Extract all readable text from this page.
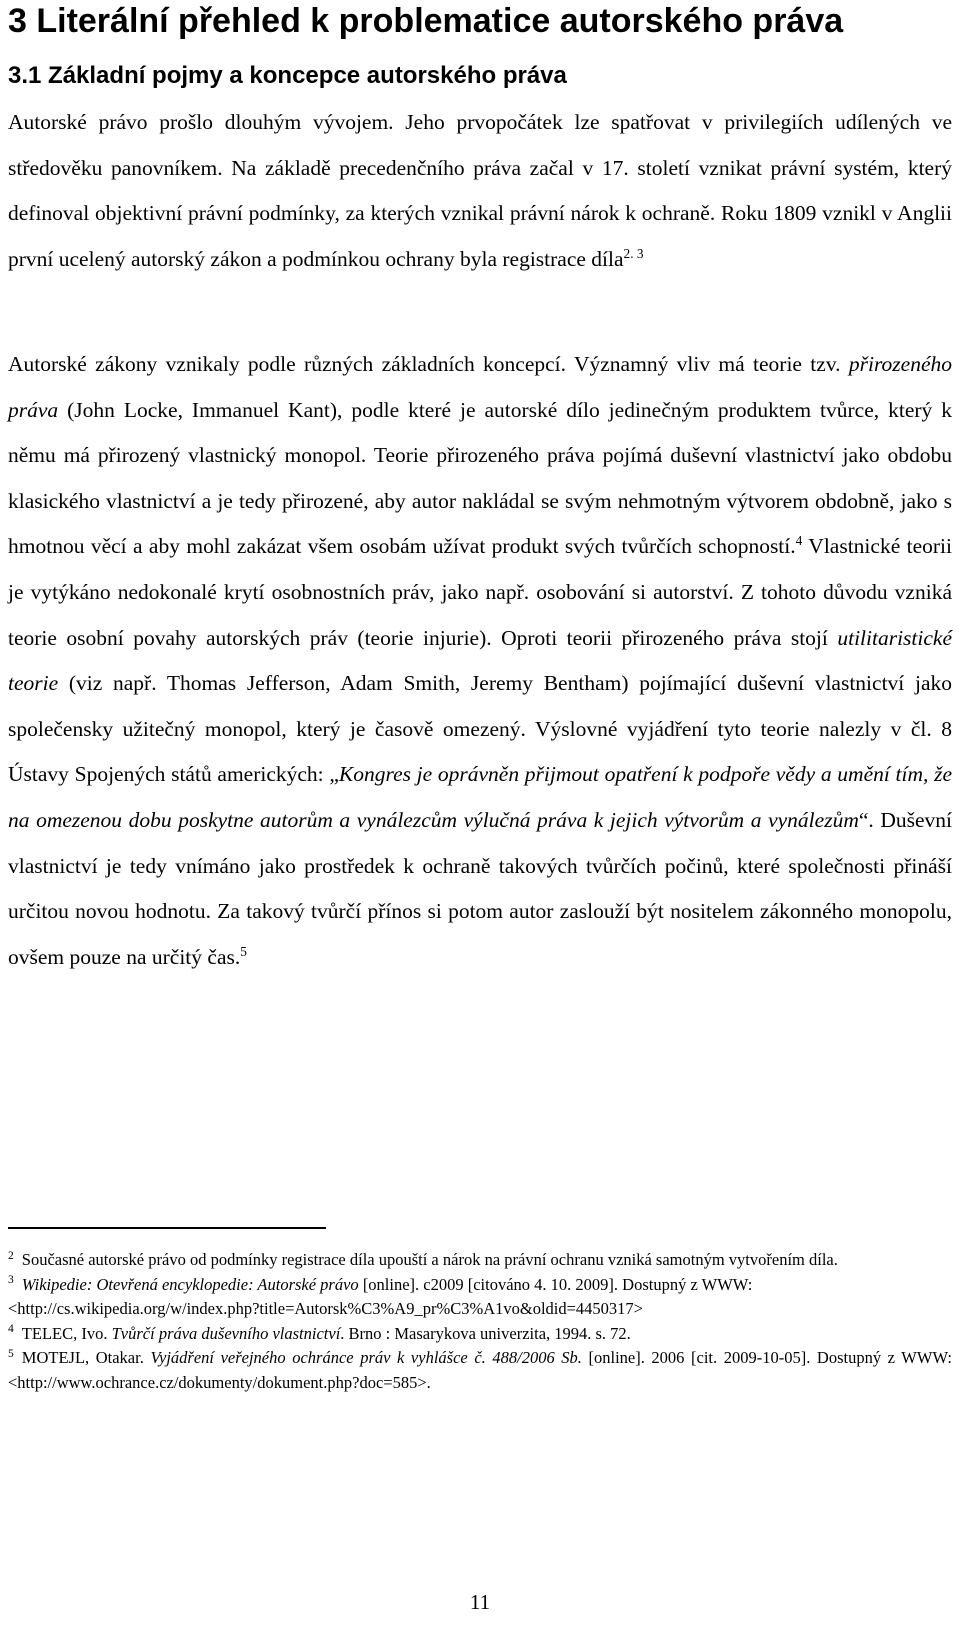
3 Literální přehled k problematice autorského práva
3.1 Základní pojmy a koncepce autorského práva

Autorské právo prošlo dlouhým vývojem. Jeho prvopočátek lze spatřovat v privilegiích udílených ve středověku panovníkem. Na základě precedenčního práva začal v 17. století vznikat právní systém, který definoval objektivní právní podmínky, za kterých vznikal právní nárok k ochraně. Roku 1809 vznikl v Anglii první ucelený autorský zákon a podmínkou ochrany byla registrace díla$^{2. 3}$

Autorské zákony vznikaly podle různých základních koncepcí. Významný vliv má teorie tzv. přirozeného práva (John Locke, Immanuel Kant), podle které je autorské dílo jedinečným produktem tvůrce, který k němu má přirozený vlastnický monopol. Teorie přirozeného práva pojímá duševní vlastnictví jako obdobu klasického vlastnictví a je tedy přirozené, aby autor nakládal se svým nehmotným výtvorem obdobně, jako s hmotnou věcí a aby mohl zakázat všem osobám užívat produkt svých tvůrčích schopností.$^4$ Vlastnické teorii je vytýkáno nedokonalé krytí osobnostních práv, jako např. osobování si autorství. Z tohoto důvodu vzniká teorie osobní povahy autorských práv (teorie injurie). Oproti teorii přirozeného práva stojí utilitaristické teorie (viz např. Thomas Jefferson, Adam Smith, Jeremy Bentham) pojímající duševní vlastnictví jako společensky užitečný monopol, který je časově omezený. Výslovné vyjádření tyto teorie nalezly v čl. 8 Ústavy Spojených států amerických: „Kongres je oprávněn přijmout opatření k podpoře vědy a umění tím, že na omezenou dobu poskytne autorům a vynálezcům výlučná práva k jejich výtvorům a vynálezům“. Duševní vlastnictví je tedy vnímáno jako prostředek k ochraně takových tvůrčích počinů, které společnosti přináší určitou novou hodnotu. Za takový tvůrčí přínos si potom autor zaslouží být nositelem zákonného monopolu, ovšem pouze na určitý čas.$^5$

$^2$ Současné autorské právo od podmínky registrace díla upouští a nárok na právní ochranu vzniká samotným vytvořením díla.

$^3$ Wikipedie: Otevřená encyklopedie: Autorské právo [online]. c2009 [citováno 4. 10. 2009]. Dostupný z WWW:
<http://cs.wikipedia.org/w/index.php?title=Autorsk%C3%A9_pr%C3%A1vo&oldid=4450317>

$^4$ TELEC, Ivo. Tvůrčí práva duševního vlastnictví. Brno : Masarykova univerzita, 1994. s. 72.

$^5$ MOTEJL, Otakar. Vyjádření veřejného ochránce práv k vyhlášce č. 488/2006 Sb. [online]. 2006 [cit. 2009-10-05]. Dostupný z WWW: <http://www.ochrance.cz/dokumenty/dokument.php?doc=585>.

11
